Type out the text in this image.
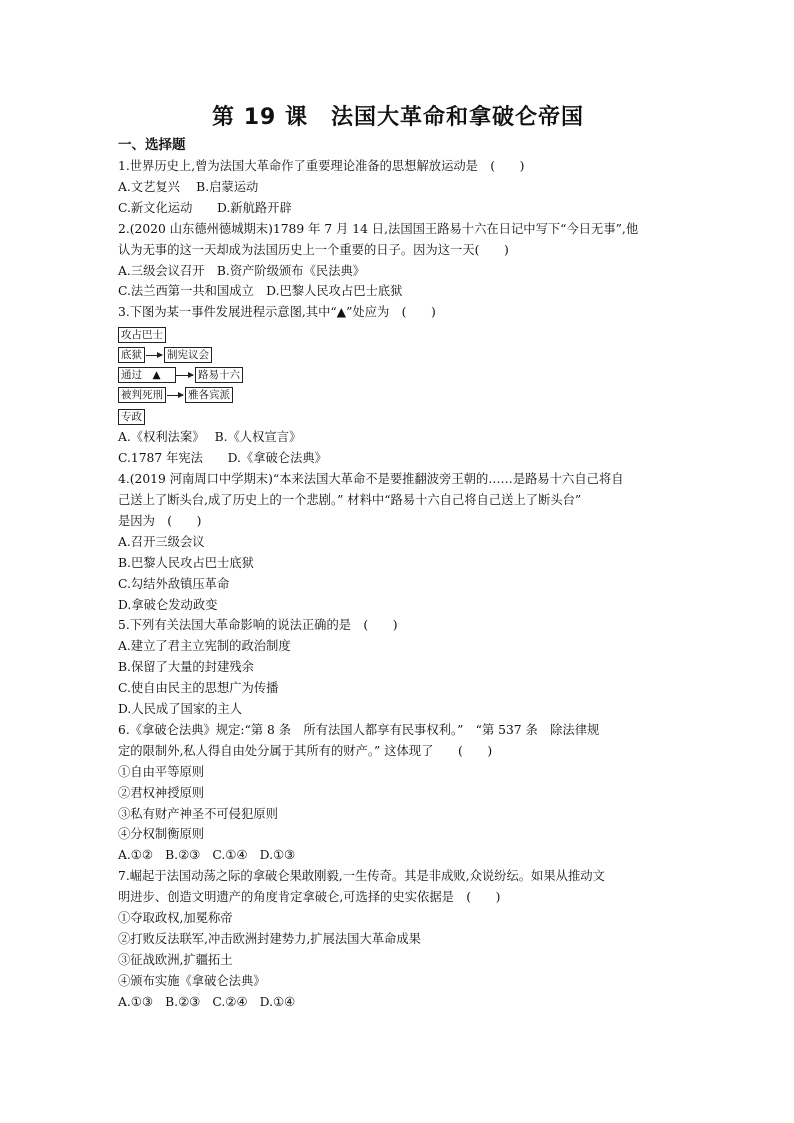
第 19 课　法国大革命和拿破仑帝国

一、选择题

1.世界历史上,曾为法国大革命作了重要理论准备的思想解放运动是　(　　)

A.文艺复兴　 B.启蒙运动

C.新文化运动　　D.新航路开辟

2.(2020 山东德州德城期末)1789 年 7 月 14 日,法国国王路易十六在日记中写下“今日无事”,他

认为无事的这一天却成为法国历史上一个重要的日子。因为这一天(　　)

A.三级会议召开　B.资产阶级颁布《民法典》

C.法兰西第一共和国成立　D.巴黎人民攻占巴士底狱

3.下图为某一事件发展进程示意图,其中“▲”处应为　(　　)

攻占巴士
底狱 制宪议会
通过　▲	路易十六
被判死刑 雅各宾派
专政

A.《权利法案》　 B.《人权宣言》

C.1787 年宪法　　D.《拿破仑法典》

4.(2019 河南周口中学期末)“本来法国大革命不是要推翻波旁王朝的……是路易十六自己将自

己送上了断头台,成了历史上的一个悲剧。” 材料中“路易十六自己将自己送上了断头台”

是因为　(　　)

A.召开三级会议

B.巴黎人民攻占巴士底狱

C.勾结外敌镇压革命

D.拿破仑发动政变

5.下列有关法国大革命影响的说法正确的是　(　　)

A.建立了君主立宪制的政治制度

B.保留了大量的封建残余

C.使自由民主的思想广为传播

D.人民成了国家的主人

6.《拿破仑法典》规定:“第 8 条　所有法国人都享有民事权利。”　“第 537 条　除法律规

定的限制外,私人得自由处分属于其所有的财产。” 这体现了　　(　　)

①自由平等原则

②君权神授原则

③私有财产神圣不可侵犯原则

④分权制衡原则

A.①②　B.②③　C.①④　D.①③

7.崛起于法国动荡之际的拿破仑果敢刚毅,一生传奇。其是非成败,众说纷纭。如果从推动文

明进步、创造文明遗产的角度肯定拿破仑,可选择的史实依据是　(　　)

①夺取政权,加冕称帝

②打败反法联军,冲击欧洲封建势力,扩展法国大革命成果

③征战欧洲,扩疆拓土

④颁布实施《拿破仑法典》

A.①③　B.②③　C.②④　D.①④
